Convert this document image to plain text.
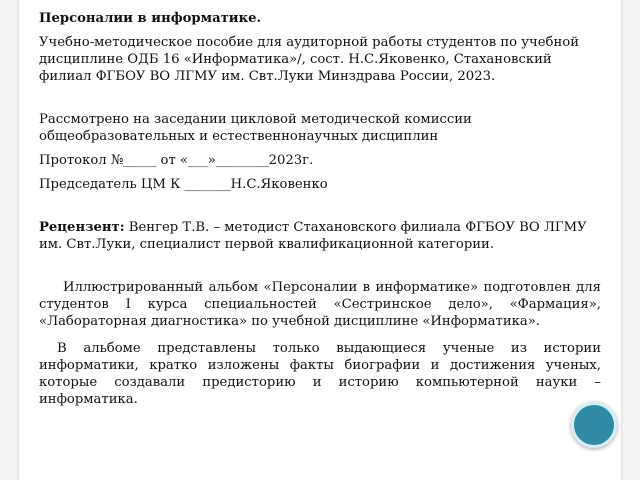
Персоналии в информатике.

Учебно-методическое пособие для аудиторной работы студентов по учебной дисциплине ОДБ 16 «Информатика»/, сост. Н.С.Яковенко, Стахановский филиал ФГБОУ ВО ЛГМУ им. Свт.Луки Минздрава России, 2023.

Рассмотрено на заседании цикловой методической комиссии общеобразовательных и естественнонаучных дисциплин

Протокол №_____ от «___»________2023г.

Председатель ЦМ К _______Н.С.Яковенко

Рецензент: Венгер Т.В. – методист Стахановского филиала ФГБОУ ВО ЛГМУ им. Свт.Луки, специалист первой квалификационной категории.

Иллюстрированный альбом «Персоналии в информатике» подготовлен для студентов I курса специальностей «Сестринское дело», «Фармация», «Лабораторная диагностика» по учебной дисциплине «Информатика».

В альбоме представлены только выдающиеся ученые из истории информатики, кратко изложены факты биографии и достижения ученых, которые создавали предисторию и историю компьютерной науки – информатика.
